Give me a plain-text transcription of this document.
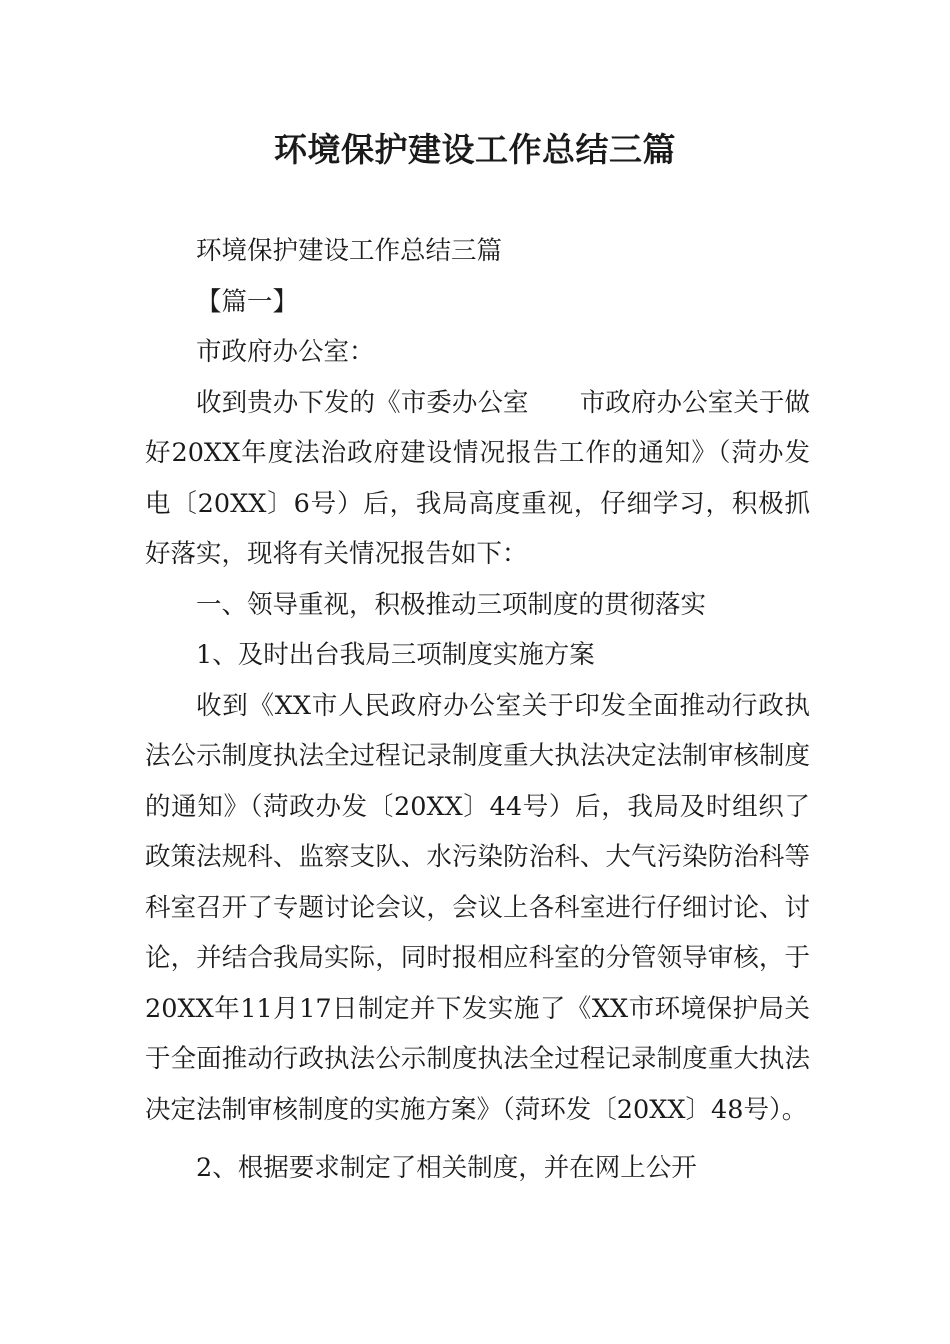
环境保护建设工作总结三篇

环境保护建设工作总结三篇

【篇一】

市政府办公室：

收到贵办下发的《市委办公室　　市政府办公室关于做好20XX年度法治政府建设情况报告工作的通知》（菏办发电〔20XX〕6号）后，我局高度重视，仔细学习，积极抓好落实，现将有关情况报告如下：

一、领导重视，积极推动三项制度的贯彻落实

1、及时出台我局三项制度实施方案

收到《XX市人民政府办公室关于印发全面推动行政执法公示制度执法全过程记录制度重大执法决定法制审核制度的通知》（菏政办发〔20XX〕44号）后，我局及时组织了政策法规科、监察支队、水污染防治科、大气污染防治科等科室召开了专题讨论会议，会议上各科室进行仔细讨论、讨论，并结合我局实际，同时报相应科室的分管领导审核，于20XX年11月17日制定并下发实施了《XX市环境保护局关于全面推动行政执法公示制度执法全过程记录制度重大执法决定法制审核制度的实施方案》（菏环发〔20XX〕48号）。

2、根据要求制定了相关制度，并在网上公开
